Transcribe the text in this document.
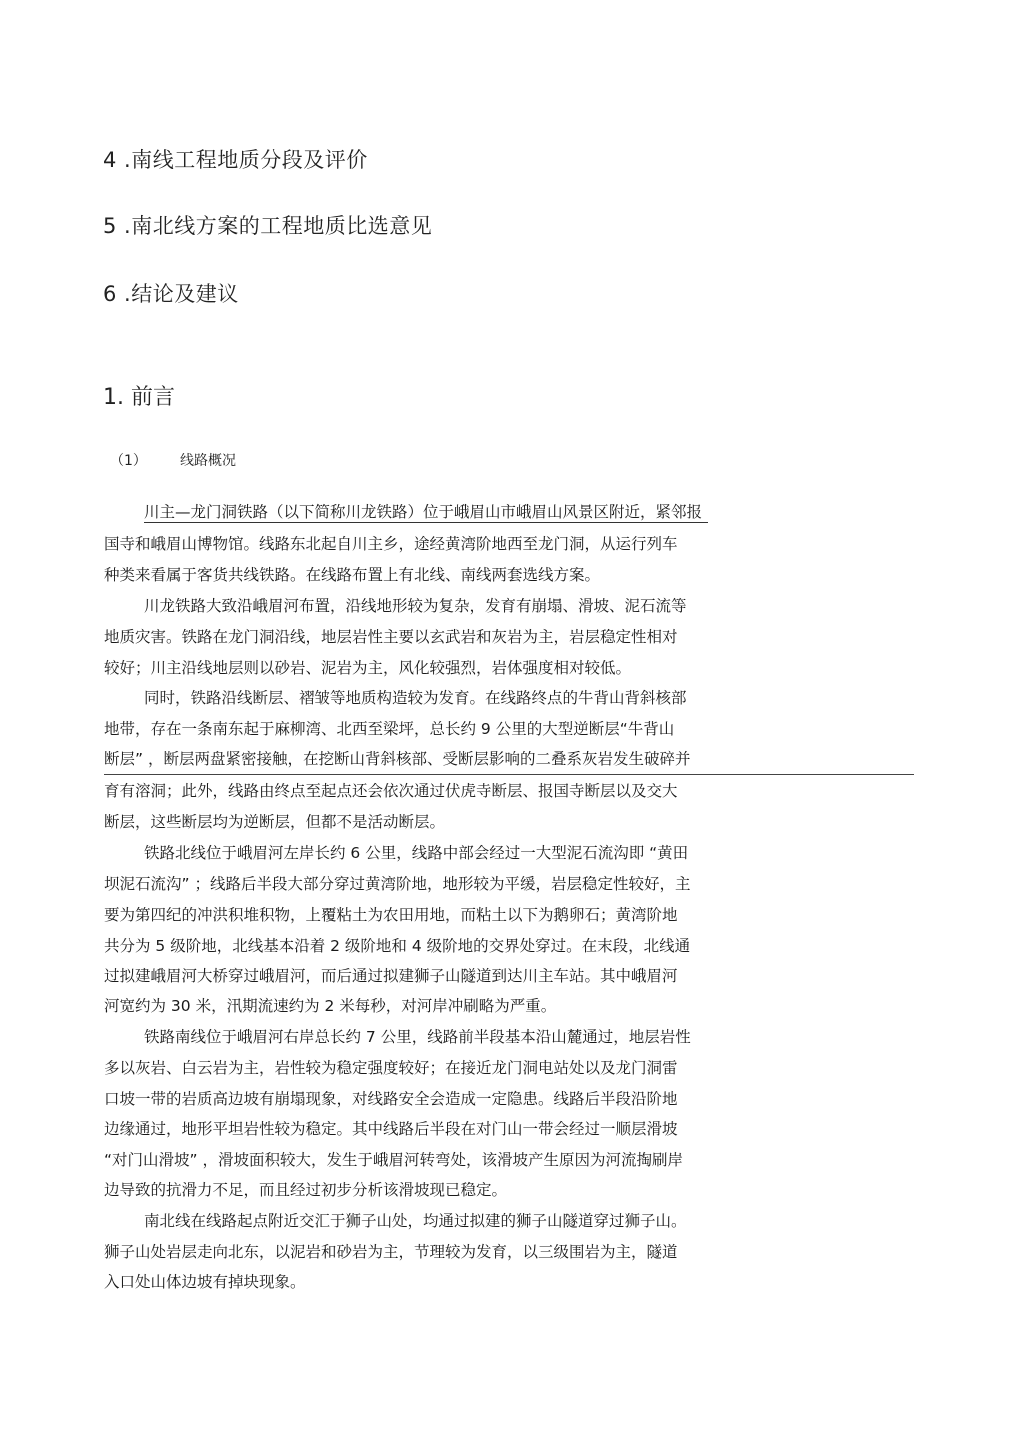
4 .南线工程地质分段及评价
5 .南北线方案的工程地质比选意见
6 .结论及建议
1. 前言
（1） 线路概况
川主—龙门洞铁路（以下简称川龙铁路）位于峨眉山市峨眉山风景区附近，紧邻报
国寺和峨眉山博物馆。线路东北起自川主乡，途经黄湾阶地西至龙门洞，从运行列车
种类来看属于客货共线铁路。在线路布置上有北线、南线两套选线方案。
川龙铁路大致沿峨眉河布置，沿线地形较为复杂，发育有崩塌、滑坡、泥石流等
地质灾害。铁路在龙门洞沿线，地层岩性主要以玄武岩和灰岩为主，岩层稳定性相对
较好；川主沿线地层则以砂岩、泥岩为主，风化较强烈，岩体强度相对较低。
同时，铁路沿线断层、褶皱等地质构造较为发育。在线路终点的牛背山背斜核部
地带，存在一条南东起于麻柳湾、北西至梁坪，总长约 9 公里的大型逆断层“牛背山
断层” ，断层两盘紧密接触，在挖断山背斜核部、受断层影响的二叠系灰岩发生破碎并
育有溶洞；此外，线路由终点至起点还会依次通过伏虎寺断层、报国寺断层以及交大
断层，这些断层均为逆断层，但都不是活动断层。
铁路北线位于峨眉河左岸长约 6 公里，线路中部会经过一大型泥石流沟即 “黄田
坝泥石流沟” ；线路后半段大部分穿过黄湾阶地，地形较为平缓，岩层稳定性较好，主
要为第四纪的冲洪积堆积物，上覆粘土为农田用地，而粘土以下为鹅卵石；黄湾阶地
共分为 5 级阶地，北线基本沿着 2 级阶地和 4 级阶地的交界处穿过。在末段，北线通
过拟建峨眉河大桥穿过峨眉河，而后通过拟建狮子山隧道到达川主车站。其中峨眉河
河宽约为 30 米，汛期流速约为 2 米每秒，对河岸冲刷略为严重。
铁路南线位于峨眉河右岸总长约 7 公里，线路前半段基本沿山麓通过，地层岩性
多以灰岩、白云岩为主，岩性较为稳定强度较好；在接近龙门洞电站处以及龙门洞雷
口坡一带的岩质高边坡有崩塌现象，对线路安全会造成一定隐患。线路后半段沿阶地
边缘通过，地形平坦岩性较为稳定。其中线路后半段在对门山一带会经过一顺层滑坡
“对门山滑坡” ，滑坡面积较大，发生于峨眉河转弯处，该滑坡产生原因为河流掏刷岸
边导致的抗滑力不足，而且经过初步分析该滑坡现已稳定。
南北线在线路起点附近交汇于狮子山处，均通过拟建的狮子山隧道穿过狮子山。
狮子山处岩层走向北东，以泥岩和砂岩为主，节理较为发育，以三级围岩为主，隧道
入口处山体边坡有掉块现象。
